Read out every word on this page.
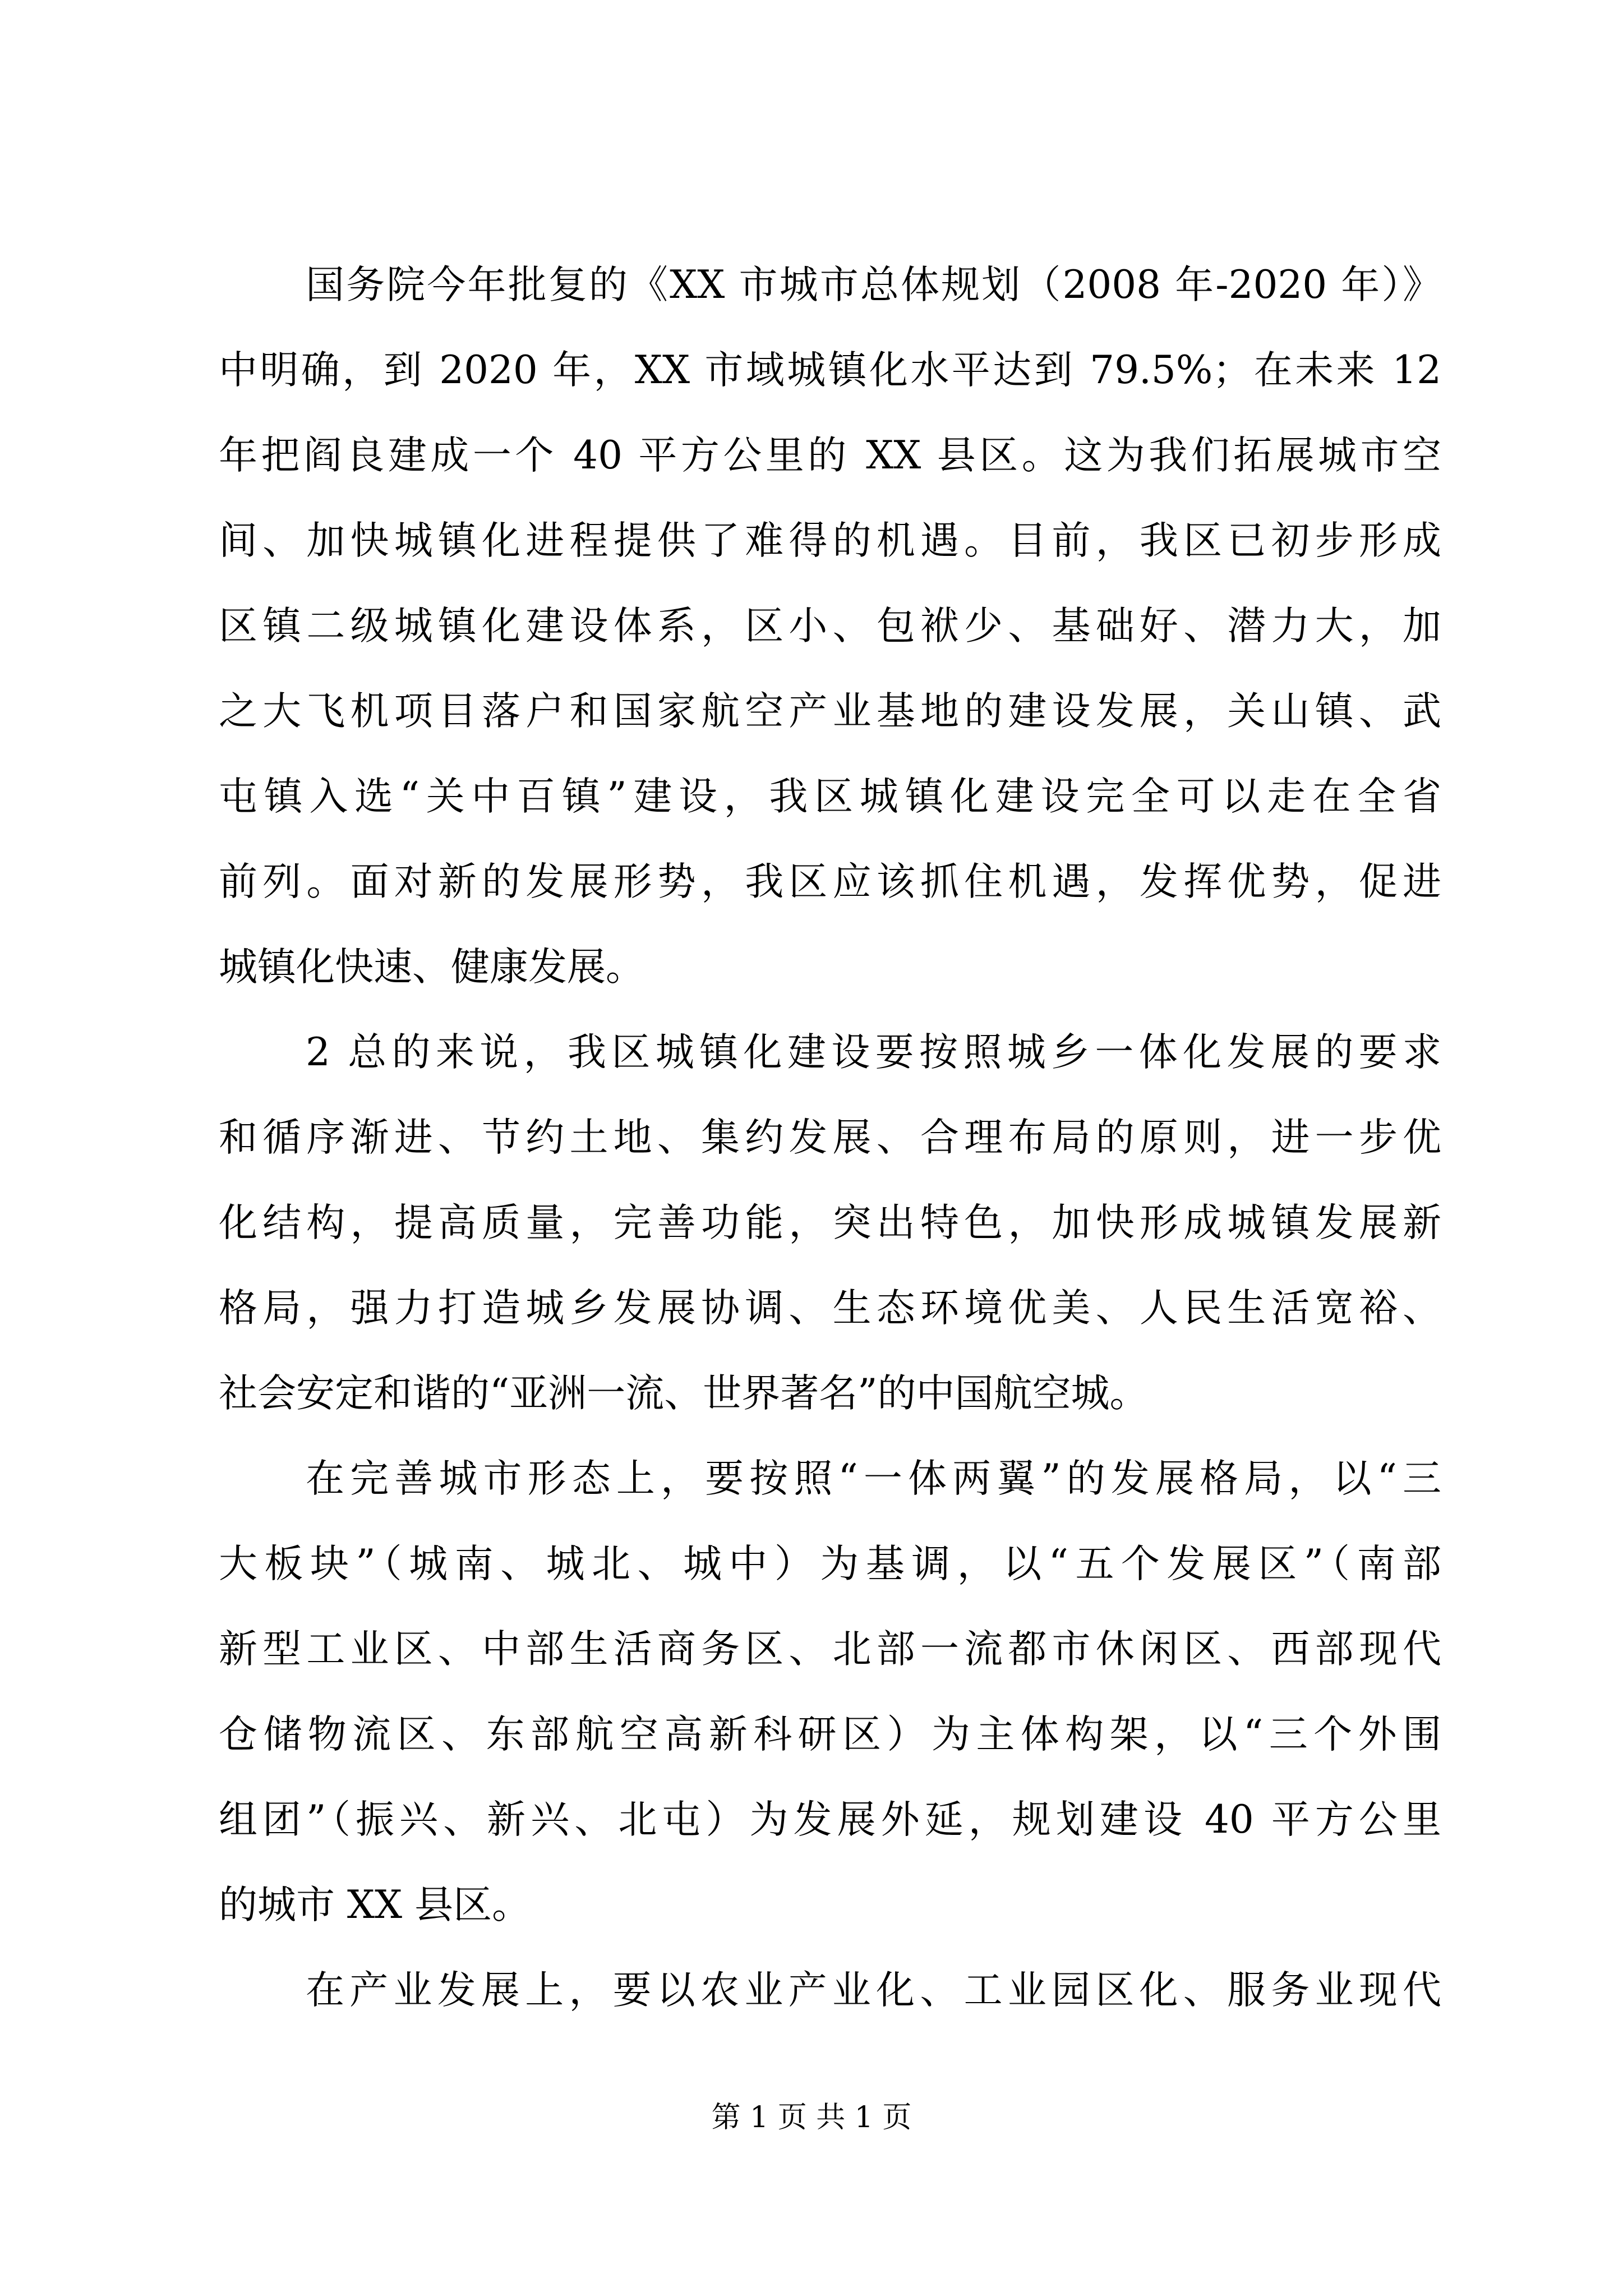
国务院今年批复的《XX 市城市总体规划（2008 年-2020 年）》
中明确，到 2020 年，XX 市域城镇化水平达到 79.5%；在未来 12
年把阎良建成一个 40 平方公里的 XX 县区。这为我们拓展城市空
间、加快城镇化进程提供了难得的机遇。目前，我区已初步形成
区镇二级城镇化建设体系，区小、包袱少、基础好、潜力大，加
之大飞机项目落户和国家航空产业基地的建设发展，关山镇、武
屯镇入选“关中百镇”建设，我区城镇化建设完全可以走在全省
前列。面对新的发展形势，我区应该抓住机遇，发挥优势，促进
城镇化快速、健康发展。
2 总的来说，我区城镇化建设要按照城乡一体化发展的要求
和循序渐进、节约土地、集约发展、合理布局的原则，进一步优
化结构，提高质量，完善功能，突出特色，加快形成城镇发展新
格局，强力打造城乡发展协调、生态环境优美、人民生活宽裕、
社会安定和谐的“亚洲一流、世界著名”的中国航空城。
在完善城市形态上，要按照“一体两翼”的发展格局，以“三
大板块”（城南、城北、城中）为基调，以“五个发展区”（南部
新型工业区、中部生活商务区、北部一流都市休闲区、西部现代
仓储物流区、东部航空高新科研区）为主体构架，以“三个外围
组团”（振兴、新兴、北屯）为发展外延，规划建设 40 平方公里
的城市 XX 县区。
在产业发展上，要以农业产业化、工业园区化、服务业现代
第 1 页 共 1 页
